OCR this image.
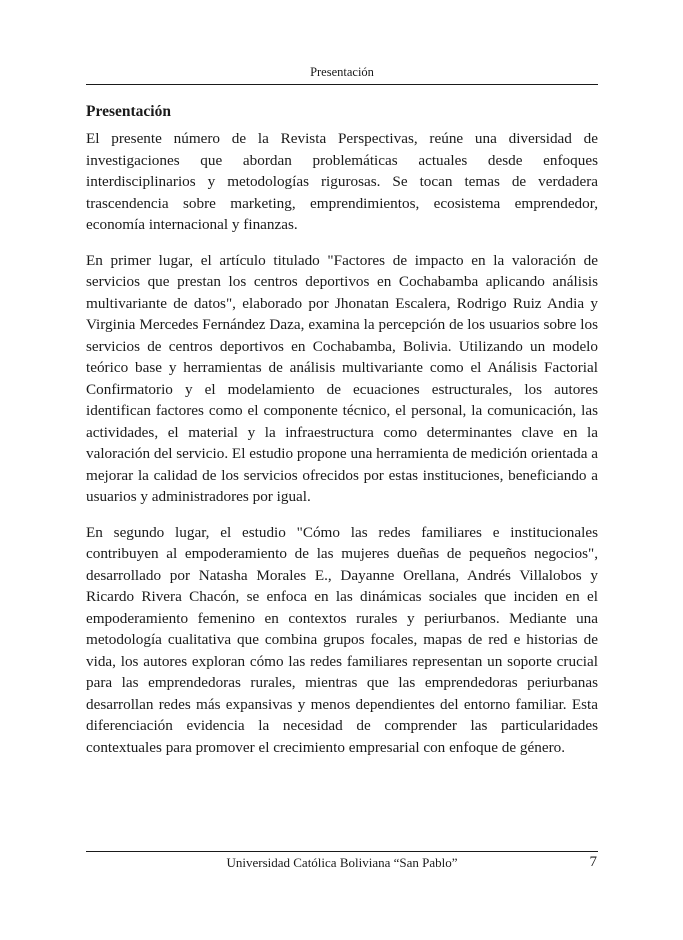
Presentación
Presentación

El presente número de la Revista Perspectivas, reúne una diversidad de investigaciones que abordan problemáticas actuales desde enfoques interdisciplinarios y metodologías rigurosas. Se tocan temas de verdadera trascendencia sobre marketing, emprendimientos, ecosistema emprendedor, economía internacional y finanzas.

En primer lugar, el artículo titulado "Factores de impacto en la valoración de servicios que prestan los centros deportivos en Cochabamba aplicando análisis multivariante de datos", elaborado por Jhonatan Escalera, Rodrigo Ruiz Andia y Virginia Mercedes Fernández Daza, examina la percepción de los usuarios sobre los servicios de centros deportivos en Cochabamba, Bolivia. Utilizando un modelo teórico base y herramientas de análisis multivariante como el Análisis Factorial Confirmatorio y el modelamiento de ecuaciones estructurales, los autores identifican factores como el componente técnico, el personal, la comunicación, las actividades, el material y la infraestructura como determinantes clave en la valoración del servicio. El estudio propone una herramienta de medición orientada a mejorar la calidad de los servicios ofrecidos por estas instituciones, beneficiando a usuarios y administradores por igual.

En segundo lugar, el estudio "Cómo las redes familiares e institucionales contribuyen al empoderamiento de las mujeres dueñas de pequeños negocios", desarrollado por Natasha Morales E., Dayanne Orellana, Andrés Villalobos y Ricardo Rivera Chacón, se enfoca en las dinámicas sociales que inciden en el empoderamiento femenino en contextos rurales y periurbanos. Mediante una metodología cualitativa que combina grupos focales, mapas de red e historias de vida, los autores exploran cómo las redes familiares representan un soporte crucial para las emprendedoras rurales, mientras que las emprendedoras periurbanas desarrollan redes más expansivas y menos dependientes del entorno familiar. Esta diferenciación evidencia la necesidad de comprender las particularidades contextuales para promover el crecimiento empresarial con enfoque de género.

Universidad Católica Boliviana “San Pablo”	7
